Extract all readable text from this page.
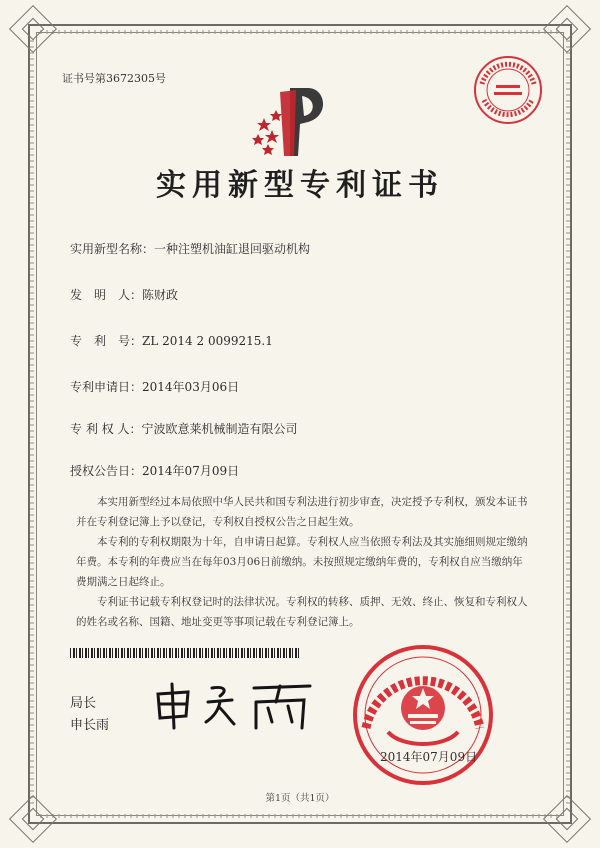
证书号第3672305号
实用新型专利证书
实用新型名称：一种注塑机油缸退回驱动机构
发　明　人：陈财政
专　利　号：ZL 2014 2 0099215.1
专利申请日：2014年03月06日
专 利 权 人：宁波欧意莱机械制造有限公司
授权公告日：2014年07月09日
本实用新型经过本局依照中华人民共和国专利法进行初步审查，决定授予专利权，颁发本证书并在专利登记簿上予以登记，专利权自授权公告之日起生效。
本专利的专利权期限为十年，自申请日起算。专利权人应当依照专利法及其实施细则规定缴纳年费。本专利的年费应当在每年03月06日前缴纳。未按照规定缴纳年费的，专利权自应当缴纳年费期满之日起终止。
专利证书记载专利权登记时的法律状况。专利权的转移、质押、无效、终止、恢复和专利权人的姓名或名称、国籍、地址变更等事项记载在专利登记簿上。
局长
申长雨
2014年07月09日
第1页（共1页）
